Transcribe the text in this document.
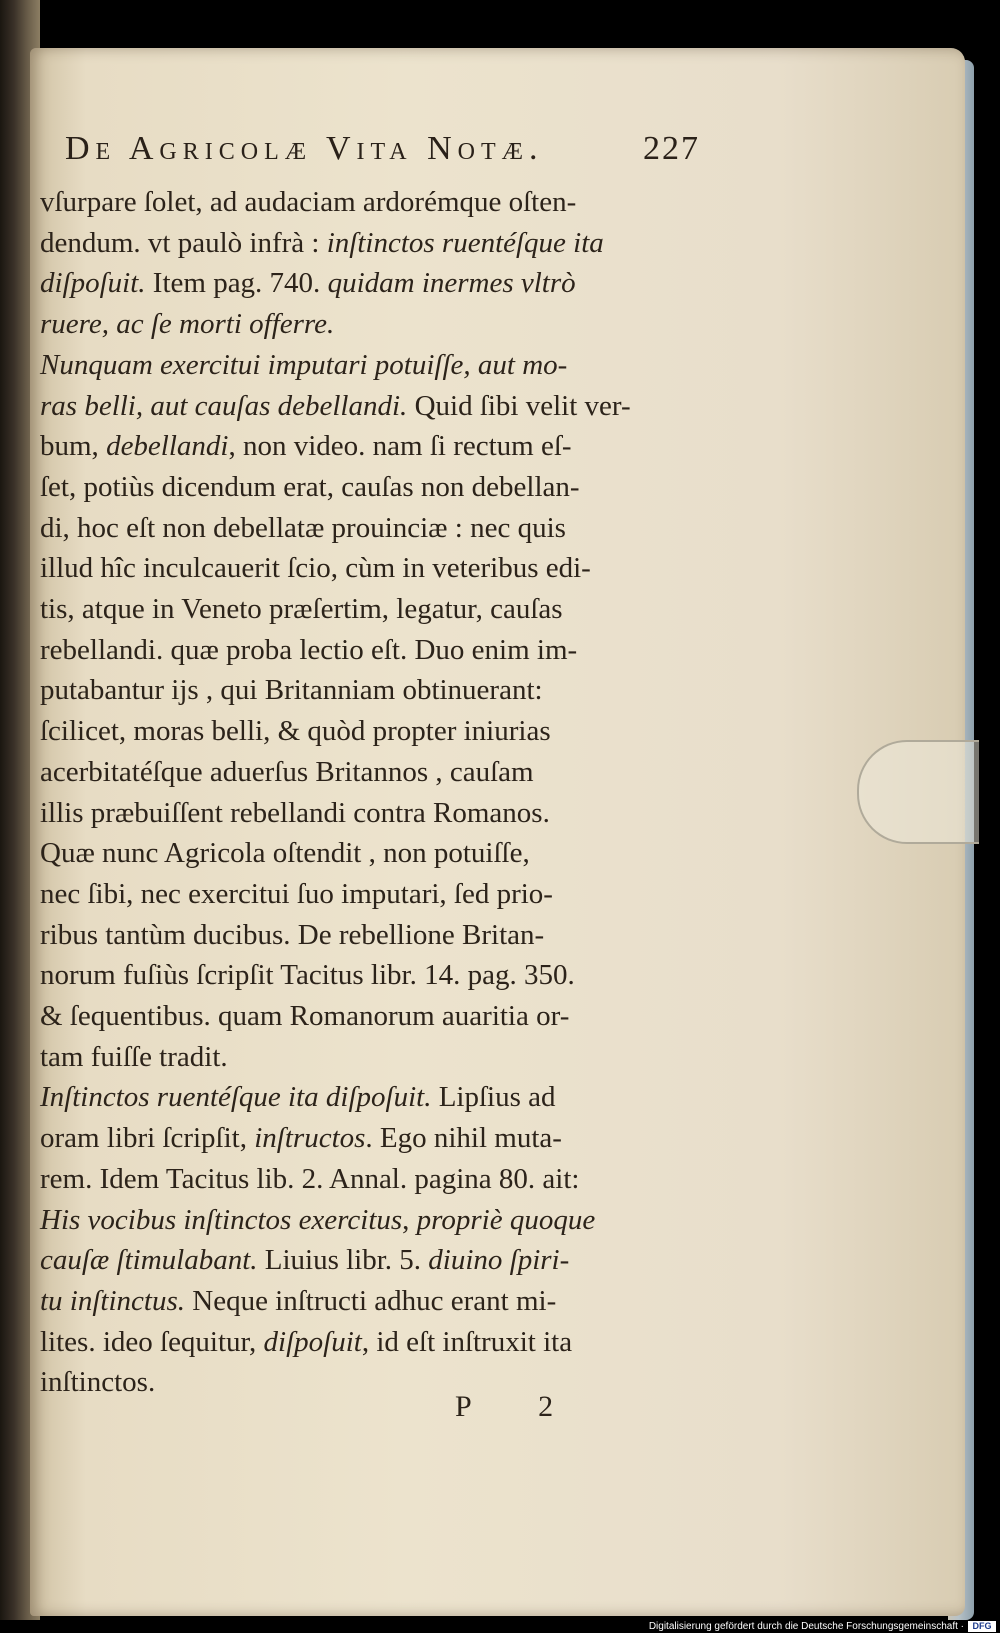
De Agricolæ Vita Notæ.	227
vſurpare ſolet, ad audaciam ardorémque oſten-
dendum. vt paulò infrà : inſtinctos ruentéſque ita
diſpoſuit. Item pag. 740. quidam inermes vltrò
ruere, ac ſe morti offerre.
Nunquam exercitui imputari potuiſſe, aut mo-
ras belli, aut cauſas debellandi. Quid ſibi velit ver-
bum, debellandi, non video. nam ſi rectum eſ-
ſet, potiùs dicendum erat, cauſas non debellan-
di, hoc eſt non debellatæ prouinciæ : nec quis
illud hîc inculcauerit ſcio, cùm in veteribus edi-
tis, atque in Veneto præſertim, legatur, cauſas
rebellandi. quæ proba lectio eſt. Duo enim im-
putabantur ijs , qui Britanniam obtinuerant:
ſcilicet, moras belli, & quòd propter iniurias
acerbitatéſque aduerſus Britannos , cauſam
illis præbuiſſent rebellandi contra Romanos.
Quæ nunc Agricola oſtendit , non potuiſſe,
nec ſibi, nec exercitui ſuo imputari, ſed prio-
ribus tantùm ducibus. De rebellione Britan-
norum fuſiùs ſcripſit Tacitus libr. 14. pag. 350.
& ſequentibus. quam Romanorum auaritia or-
tam fuiſſe tradit.
Inſtinctos ruentéſque ita diſpoſuit. Lipſius ad
oram libri ſcripſit, inſtructos. Ego nihil muta-
rem. Idem Tacitus lib. 2. Annal. pagina 80. ait:
His vocibus inſtinctos exercitus, propriè quoque
cauſæ ſtimulabant. Liuius libr. 5. diuino ſpiri-
tu inſtinctus. Neque inſtructi adhuc erant mi-
lites. ideo ſequitur, diſpoſuit, id eſt inſtruxit ita
inſtinctos.
P 2
Digitalisierung gefördert durch die Deutsche Forschungsgemeinschaft · DFG
